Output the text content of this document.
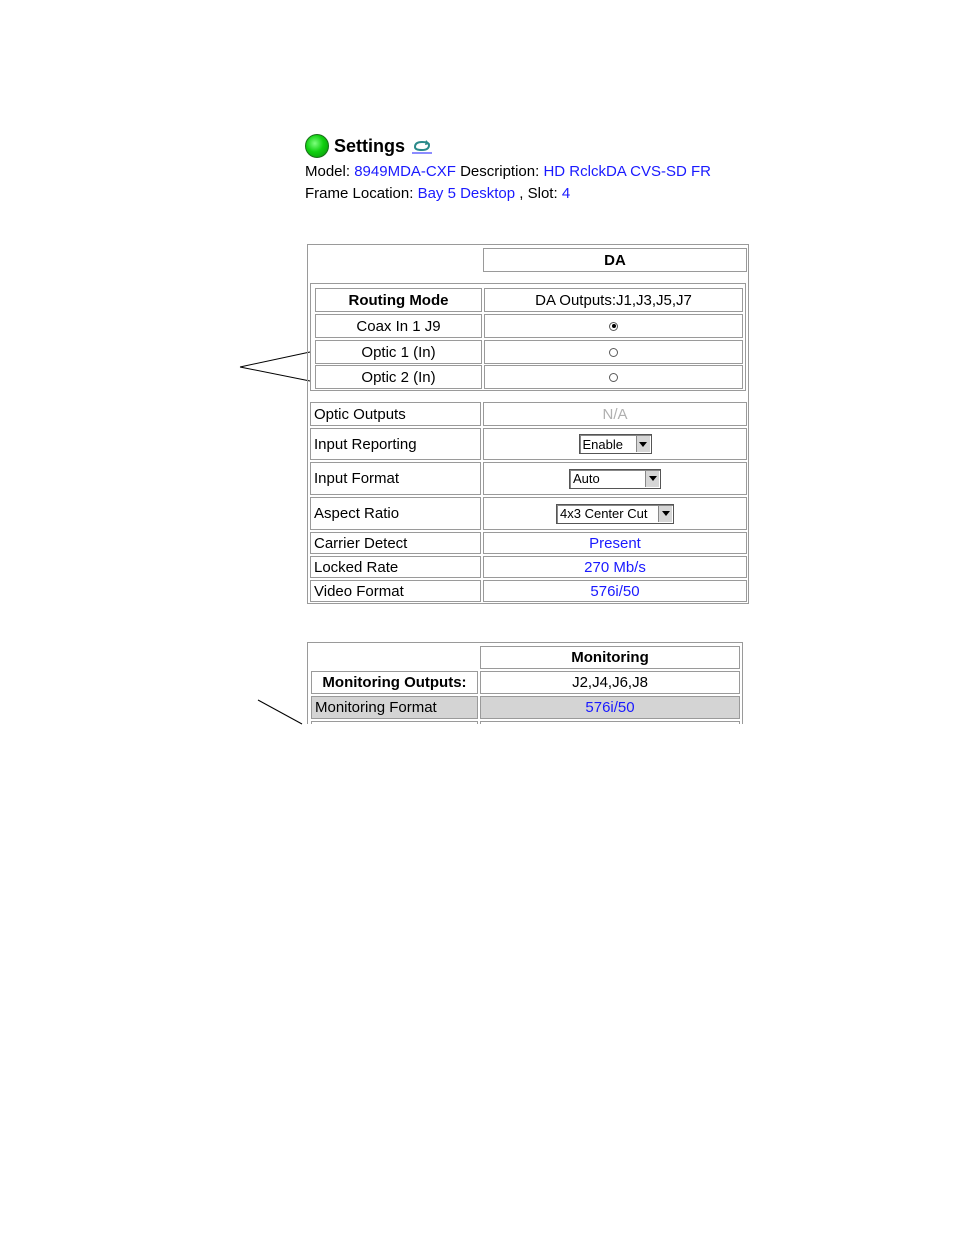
Settings
Model: 8949MDA-CXF Description: HD RclckDA CVS-SD FR
Frame Location: Bay 5 Desktop , Slot: 4
DA
Routing Mode	DA Outputs:J1,J3,J5,J7
Coax In 1 J9
Optic 1 (In)
Optic 2 (In)
Optic Outputs	N/A
Input Reporting	Enable
Input Format	Auto
Aspect Ratio	4x3 Center Cut
Carrier Detect	Present
Locked Rate	270 Mb/s
Video Format	576i/50
Monitoring
Monitoring Outputs:	J2,J4,J6,J8
Monitoring Format	576i/50
